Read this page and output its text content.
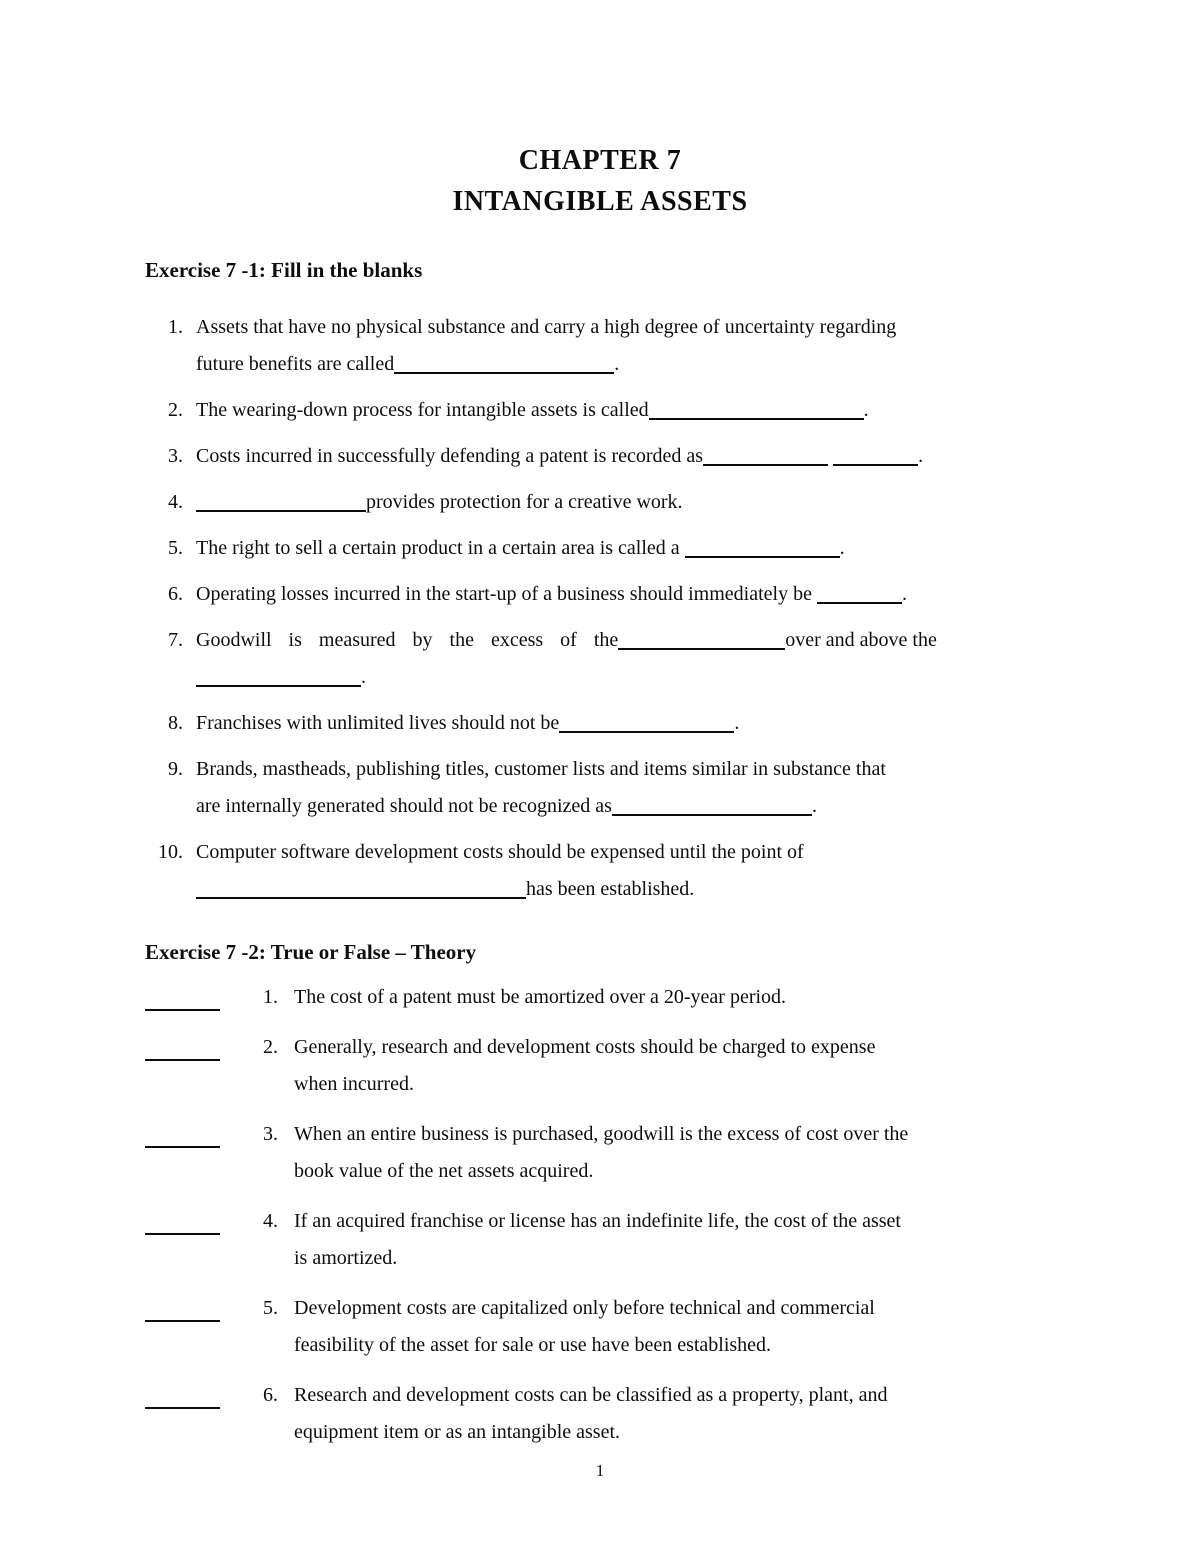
CHAPTER 7
INTANGIBLE ASSETS
Exercise 7 -1: Fill in the blanks
1. Assets that have no physical substance and carry a high degree of uncertainty regarding
future benefits are called	.
2. The wearing-down process for intangible assets is called	.
3. Costs incurred in successfully defending a patent is recorded as	.
4.	provides protection for a creative work.
5. The right to sell a certain product in a certain area is called a	.
6. Operating losses incurred in the start-up of a business should immediately be	.
7. Goodwill is measured by the excess of the	over and above the
.
8. Franchises with unlimited lives should not be	.
9. Brands, mastheads, publishing titles, customer lists and items similar in substance that
are internally generated should not be recognized as	.
10. Computer software development costs should be expensed until the point of
has been established.
Exercise 7 -2: True or False – Theory
1. The cost of a patent must be amortized over a 20-year period.
2. Generally, research and development costs should be charged to expense
when incurred.
3. When an entire business is purchased, goodwill is the excess of cost over the
book value of the net assets acquired.
4. If an acquired franchise or license has an indefinite life, the cost of the asset
is amortized.
5. Development costs are capitalized only before technical and commercial
feasibility of the asset for sale or use have been established.
6. Research and development costs can be classified as a property, plant, and
equipment item or as an intangible asset.
1
